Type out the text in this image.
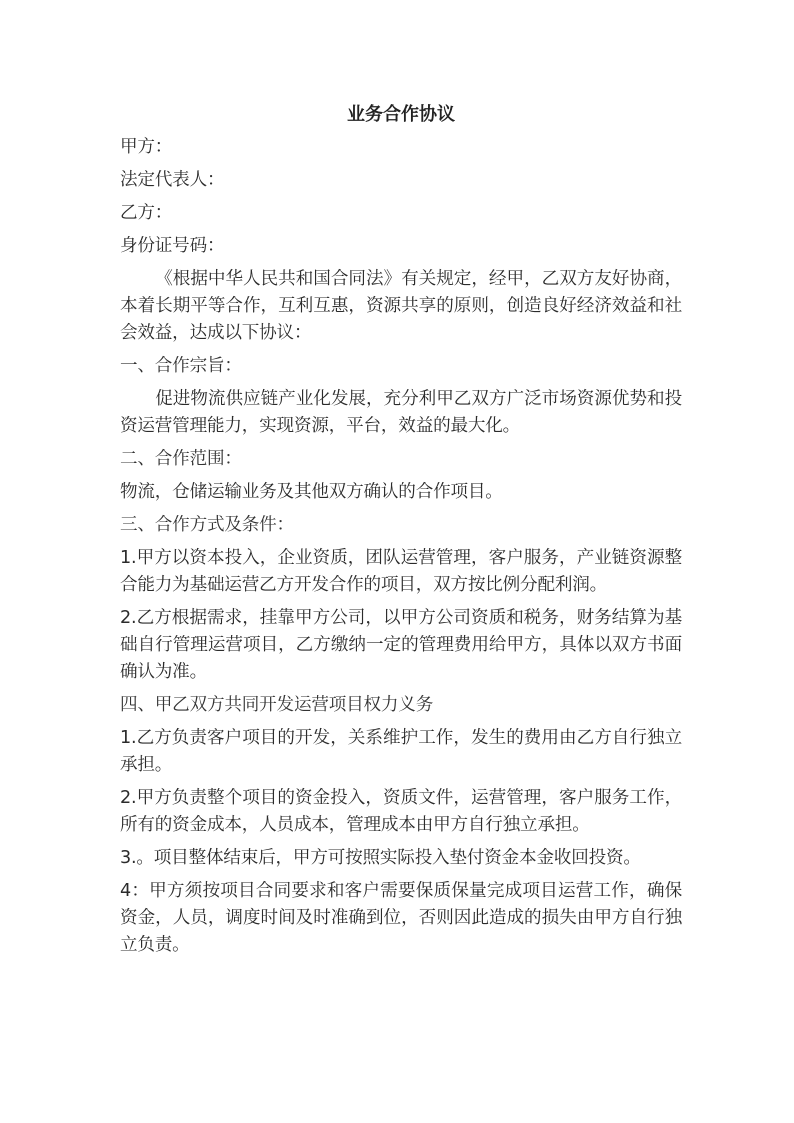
业务合作协议
甲方：
法定代表人：
乙方：
身份证号码：
《根据中华人民共和国合同法》有关规定，经甲，乙双方友好协商，本着长期平等合作，互利互惠，资源共享的原则，创造良好经济效益和社会效益，达成以下协议：
一、合作宗旨：
促进物流供应链产业化发展，充分利甲乙双方广泛市场资源优势和投资运营管理能力，实现资源，平台，效益的最大化。
二、合作范围：
物流，仓储运输业务及其他双方确认的合作项目。
三、合作方式及条件：
1.甲方以资本投入，企业资质，团队运营管理，客户服务，产业链资源整合能力为基础运营乙方开发合作的项目，双方按比例分配利润。
2.乙方根据需求，挂靠甲方公司，以甲方公司资质和税务，财务结算为基础自行管理运营项目，乙方缴纳一定的管理费用给甲方，具体以双方书面确认为准。
四、甲乙双方共同开发运营项目权力义务
1.乙方负责客户项目的开发，关系维护工作，发生的费用由乙方自行独立承担。
2.甲方负责整个项目的资金投入，资质文件，运营管理，客户服务工作，所有的资金成本，人员成本，管理成本由甲方自行独立承担。
3.。项目整体结束后，甲方可按照实际投入垫付资金本金收回投资。
4：甲方须按项目合同要求和客户需要保质保量完成项目运营工作，确保资金，人员，调度时间及时准确到位，否则因此造成的损失由甲方自行独立负责。
